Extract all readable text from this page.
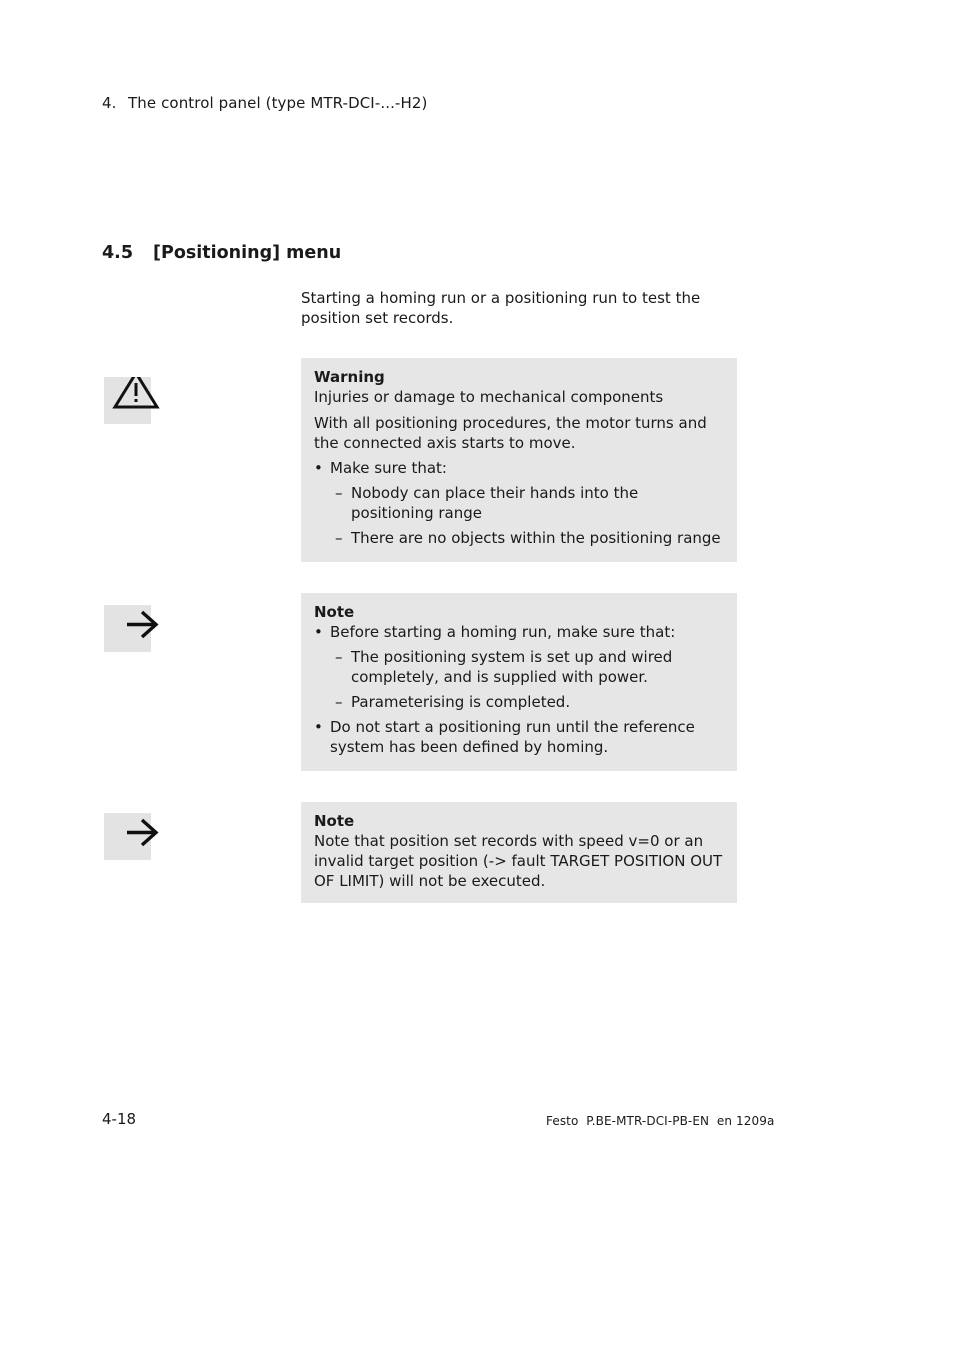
4. The control panel (type MTR-DCI-...-H2)
4.5 [Positioning] menu
Starting a homing run or a positioning run to test the position set records.

Warning

Injuries or damage to mechanical components

With all positioning procedures, the motor turns and the connected axis starts to move.

• Make sure that:
– Nobody can place their hands into the positioning range
– There are no objects within the positioning range

Note

• Before starting a homing run, make sure that:
– The positioning system is set up and wired completely, and is supplied with power.
– Parameterising is completed.
• Do not start a positioning run until the reference system has been defined by homing.

Note

Note that position set records with speed v=0 or an invalid target position (-> fault TARGET POSITION OUT OF LIMIT) will not be executed.

4-18	Festo  P.BE-MTR-DCI-PB-EN  en 1209a
